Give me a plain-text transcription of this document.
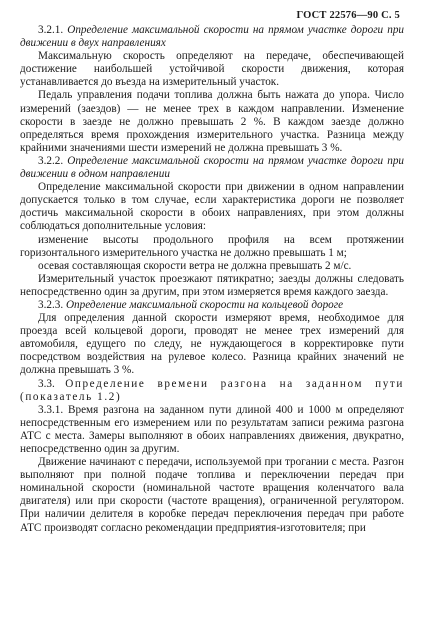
ГОСТ 22576—90 С. 5

3.2.1. Определение максимальной скорости на прямом участке дороги при движении в двух направлениях

Максимальную скорость определяют на передаче, обеспечивающей достижение наибольшей устойчивой скорости движения, которая устанавливается до въезда на измерительный участок.

Педаль управления подачи топлива должна быть нажата до упора. Число измерений (заездов) — не менее трех в каждом направлении. Изменение скорости в заезде не должно превышать 2 %. В каждом заезде должно определяться время прохождения измерительного участка. Разница между крайними значениями шести измерений не должна превышать 3 %.

3.2.2. Определение максимальной скорости на прямом участке дороги при движении в одном направлении

Определение максимальной скорости при движении в одном направлении допускается только в том случае, если характеристика дороги не позволяет достичь максимальной скорости в обоих направлениях, при этом должны соблюдаться дополнительные условия:

изменение высоты продольного профиля на всем протяжении горизонтального измерительного участка не должно превышать 1 м;

осевая составляющая скорости ветра не должна превышать 2 м/с.

Измерительный участок проезжают пятикратно; заезды должны следовать непосредственно один за другим, при этом измеряется время каждого заезда.

3.2.3. Определение максимальной скорости на кольцевой дороге

Для определения данной скорости измеряют время, необходимое для проезда всей кольцевой дороги, проводят не менее трех измерений для автомобиля, едущего по следу, не нуждающегося в корректировке пути посредством воздействия на рулевое колесо. Разница крайних значений не должна превышать 3 %.

3.3. Определение времени разгона на заданном пути (показатель 1.2)

3.3.1. Время разгона на заданном пути длиной 400 и 1000 м определяют непосредственным его измерением или по результатам записи режима разгона АТС с места. Замеры выполняют в обоих направлениях движения, двукратно, непосредственно один за другим.

Движение начинают с передачи, используемой при трогании с места. Разгон выполняют при полной подаче топлива и переключении передач при номинальной скорости (номинальной частоте вращения коленчатого вала двигателя) или при скорости (частоте вращения), ограниченной регулятором. При наличии делителя в коробке передач переключения передач при работе АТС производят согласно рекомендации предприятия-изготовителя; при
